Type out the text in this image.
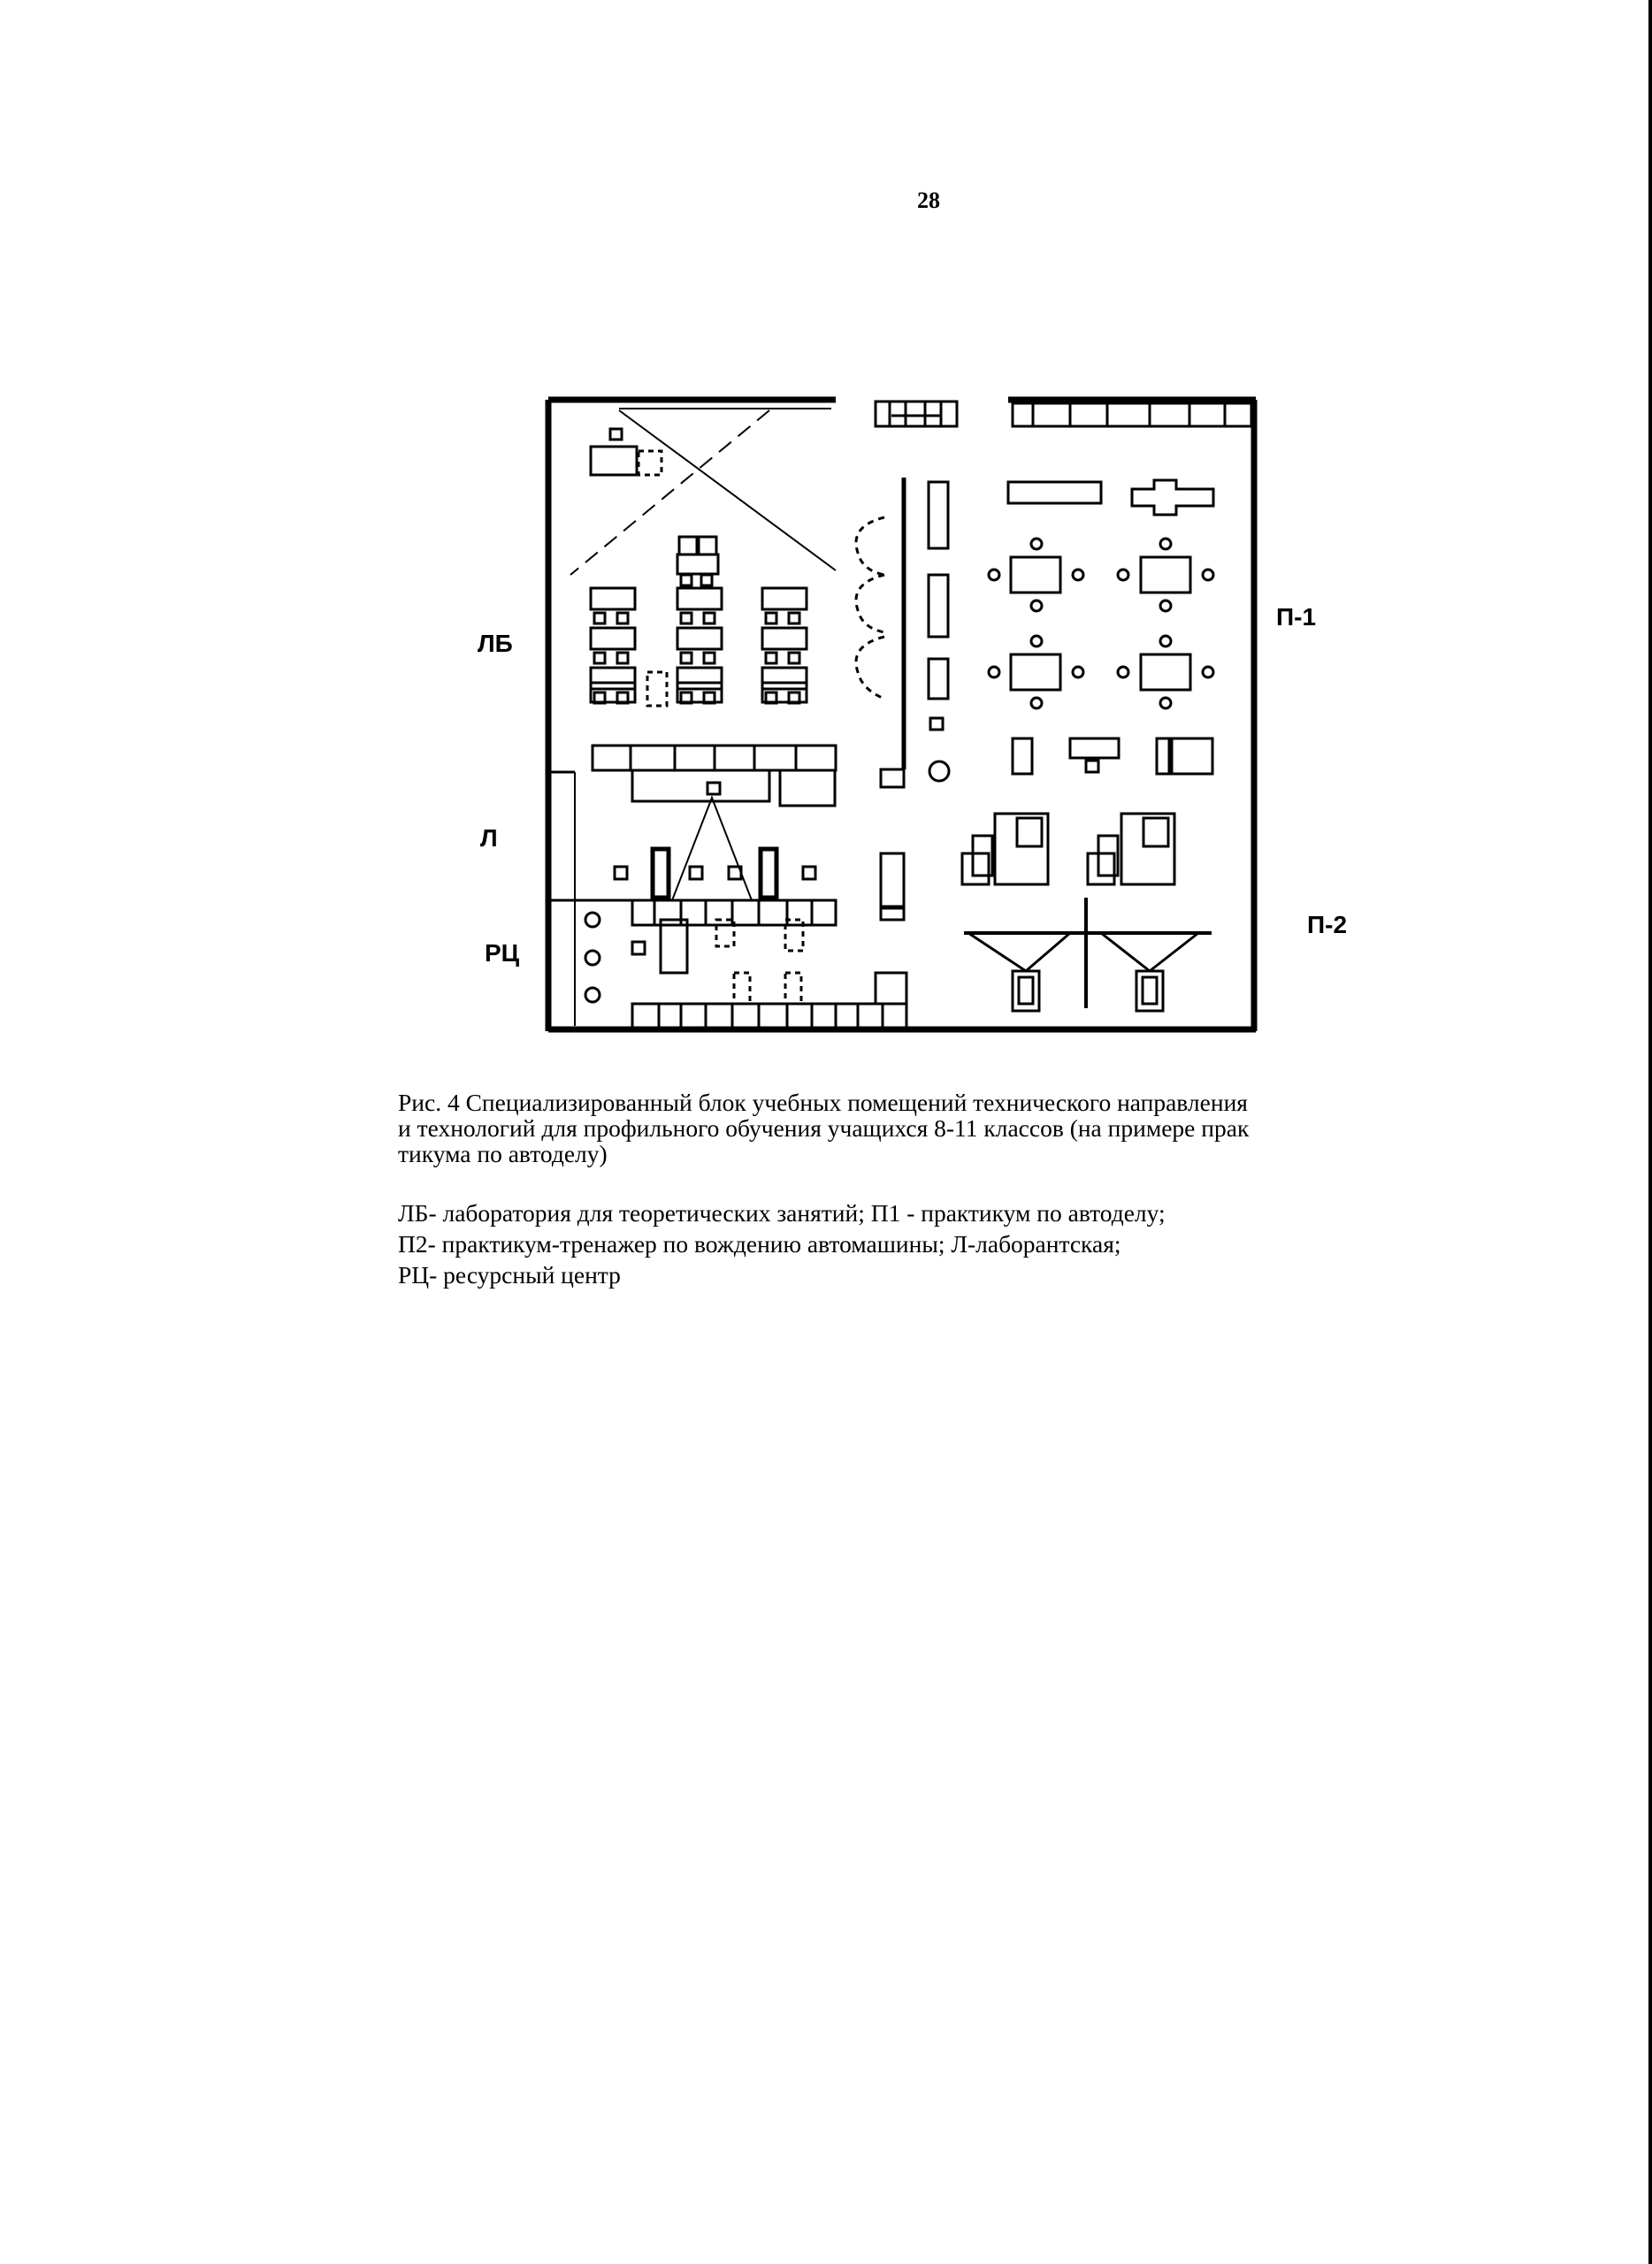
28
ЛБ
Л
РЦ
П-1
П-2
Рис. 4 Специализированный блок учебных помещений технического направления
и технологий для профильного обучения учащихся 8-11 классов (на примере прак
тикума по автоделу)
ЛБ- лаборатория для теоретических занятий; П1 - практикум по автоделу;
П2- практикум-тренажер по вождению автомашины; Л-лаборантская;
РЦ- ресурсный центр
